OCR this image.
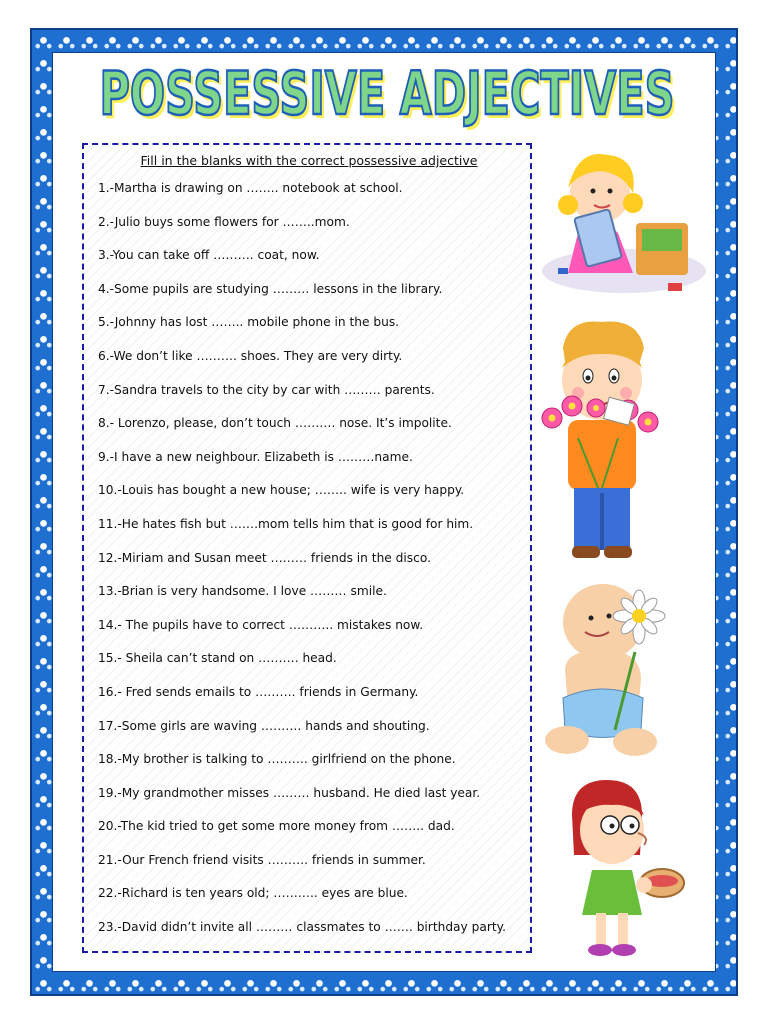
POSSESSIVE ADJECTIVES
POSSESSIVE ADJECTIVES
Fill in the blanks with the correct possessive adjective
1.-Martha is drawing on …….. notebook at school.
2.-Julio buys some flowers for ……..mom.
3.-You can take off ………. coat, now.
4.-Some pupils are studying ……… lessons in the library.
5.-Johnny has lost …….. mobile phone in the bus.
6.-We don’t like ………. shoes. They are very dirty.
7.-Sandra travels to the city by car with ……… parents.
8.- Lorenzo, please, don’t touch ………. nose. It’s impolite.
9.-I have a new neighbour. Elizabeth is ………name.
10.-Louis has bought a new house; …….. wife is very happy.
11.-He hates fish but …….mom tells him that is good for him.
12.-Miriam and Susan meet ……… friends in the disco.
13.-Brian is very handsome. I love ……… smile.
14.- The pupils have to correct ……….. mistakes now.
15.- Sheila can’t stand on ………. head.
16.- Fred sends emails to ………. friends in Germany.
17.-Some girls are waving ………. hands and shouting.
18.-My brother is talking to ………. girlfriend on the phone.
19.-My grandmother misses ……… husband. He died last year.
20.-The kid tried to get some more money from …….. dad.
21.-Our French friend visits ………. friends in summer.
22.-Richard is ten years old; ……….. eyes are blue.
23.-David didn’t invite all ……… classmates to ……. birthday party.
